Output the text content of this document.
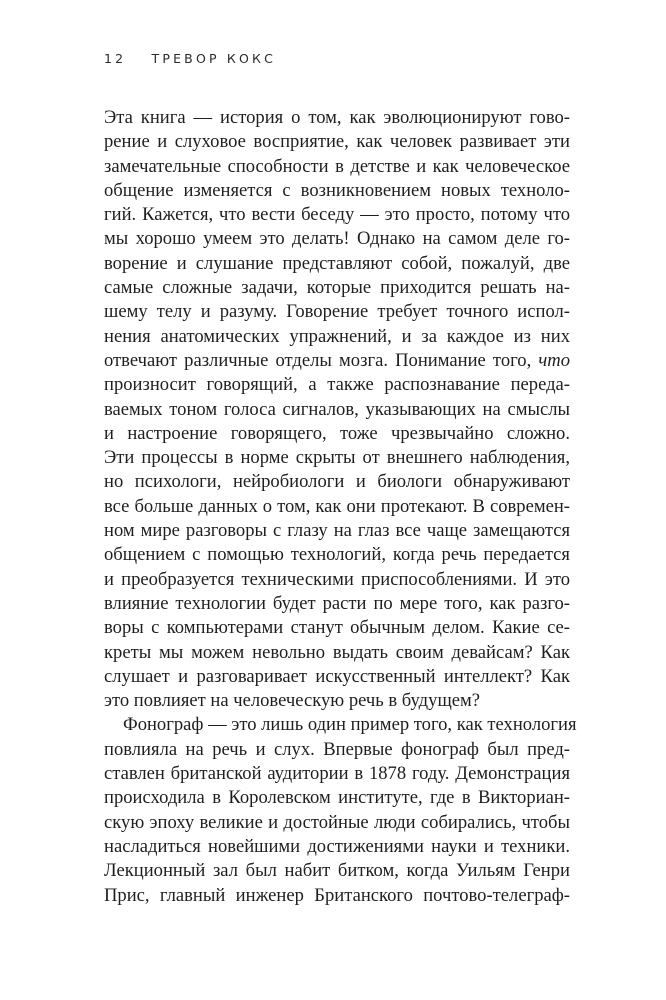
12 ТРЕВОР КОКС
Эта книга — история о том, как эволюционируют гово-
рение и слуховое восприятие, как человек развивает эти
замечательные способности в детстве и как человеческое
общение изменяется с возникновением новых техноло-
гий. Кажется, что вести беседу — это просто, потому что
мы хорошо умеем это делать! Однако на самом деле го-
ворение и слушание представляют собой, пожалуй, две
самые сложные задачи, которые приходится решать на-
шему телу и разуму. Говорение требует точного испол-
нения анатомических упражнений, и за каждое из них
отвечают различные отделы мозга. Понимание того, что
произносит говорящий, а также распознавание переда-
ваемых тоном голоса сигналов, указывающих на смыслы
и настроение говорящего, тоже чрезвычайно сложно.
Эти процессы в норме скрыты от внешнего наблюдения,
но психологи, нейробиологи и биологи обнаруживают
все больше данных о том, как они протекают. В современ-
ном мире разговоры с глазу на глаз все чаще замещаются
общением с помощью технологий, когда речь передается
и преобразуется техническими приспособлениями. И это
влияние технологии будет расти по мере того, как разго-
воры с компьютерами станут обычным делом. Какие се-
креты мы можем невольно выдать своим девайсам? Как
слушает и разговаривает искусственный интеллект? Как
это повлияет на человеческую речь в будущем?
Фонограф — это лишь один пример того, как технология
повлияла на речь и слух. Впервые фонограф был пред-
ставлен британской аудитории в 1878 году. Демонстрация
происходила в Королевском институте, где в Викториан-
скую эпоху великие и достойные люди собирались, чтобы
насладиться новейшими достижениями науки и техники.
Лекционный зал был набит битком, когда Уильям Генри
Прис, главный инженер Британского почтово-телеграф-
